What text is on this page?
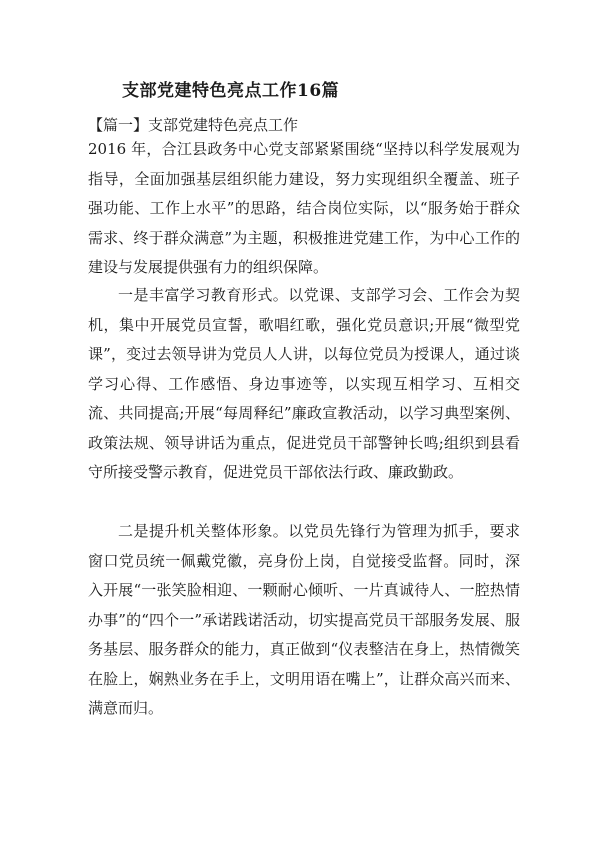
支部党建特色亮点工作16篇
【篇一】支部党建特色亮点工作

2016 年，合江县政务中心党支部紧紧围绕“坚持以科学发展观为指导，全面加强基层组织能力建设，努力实现组织全覆盖、班子强功能、工作上水平”的思路，结合岗位实际，以“服务始于群众需求、终于群众满意”为主题，积极推进党建工作，为中心工作的建设与发展提供强有力的组织保障。

一是丰富学习教育形式。以党课、支部学习会、工作会为契机，集中开展党员宣誓，歌唱红歌，强化党员意识;开展“微型党课”，变过去领导讲为党员人人讲，以每位党员为授课人，通过谈学习心得、工作感悟、身边事迹等，以实现互相学习、互相交流、共同提高;开展“每周释纪”廉政宣教活动，以学习典型案例、政策法规、领导讲话为重点，促进党员干部警钟长鸣;组织到县看守所接受警示教育，促进党员干部依法行政、廉政勤政。

二是提升机关整体形象。以党员先锋行为管理为抓手，要求窗口党员统一佩戴党徽，亮身份上岗，自觉接受监督。同时，深入开展“一张笑脸相迎、一颗耐心倾听、一片真诚待人、一腔热情办事”的“四个一”承诺践诺活动，切实提高党员干部服务发展、服务基层、服务群众的能力，真正做到“仪表整洁在身上，热情微笑在脸上，娴熟业务在手上，文明用语在嘴上”，让群众高兴而来、满意而归。
